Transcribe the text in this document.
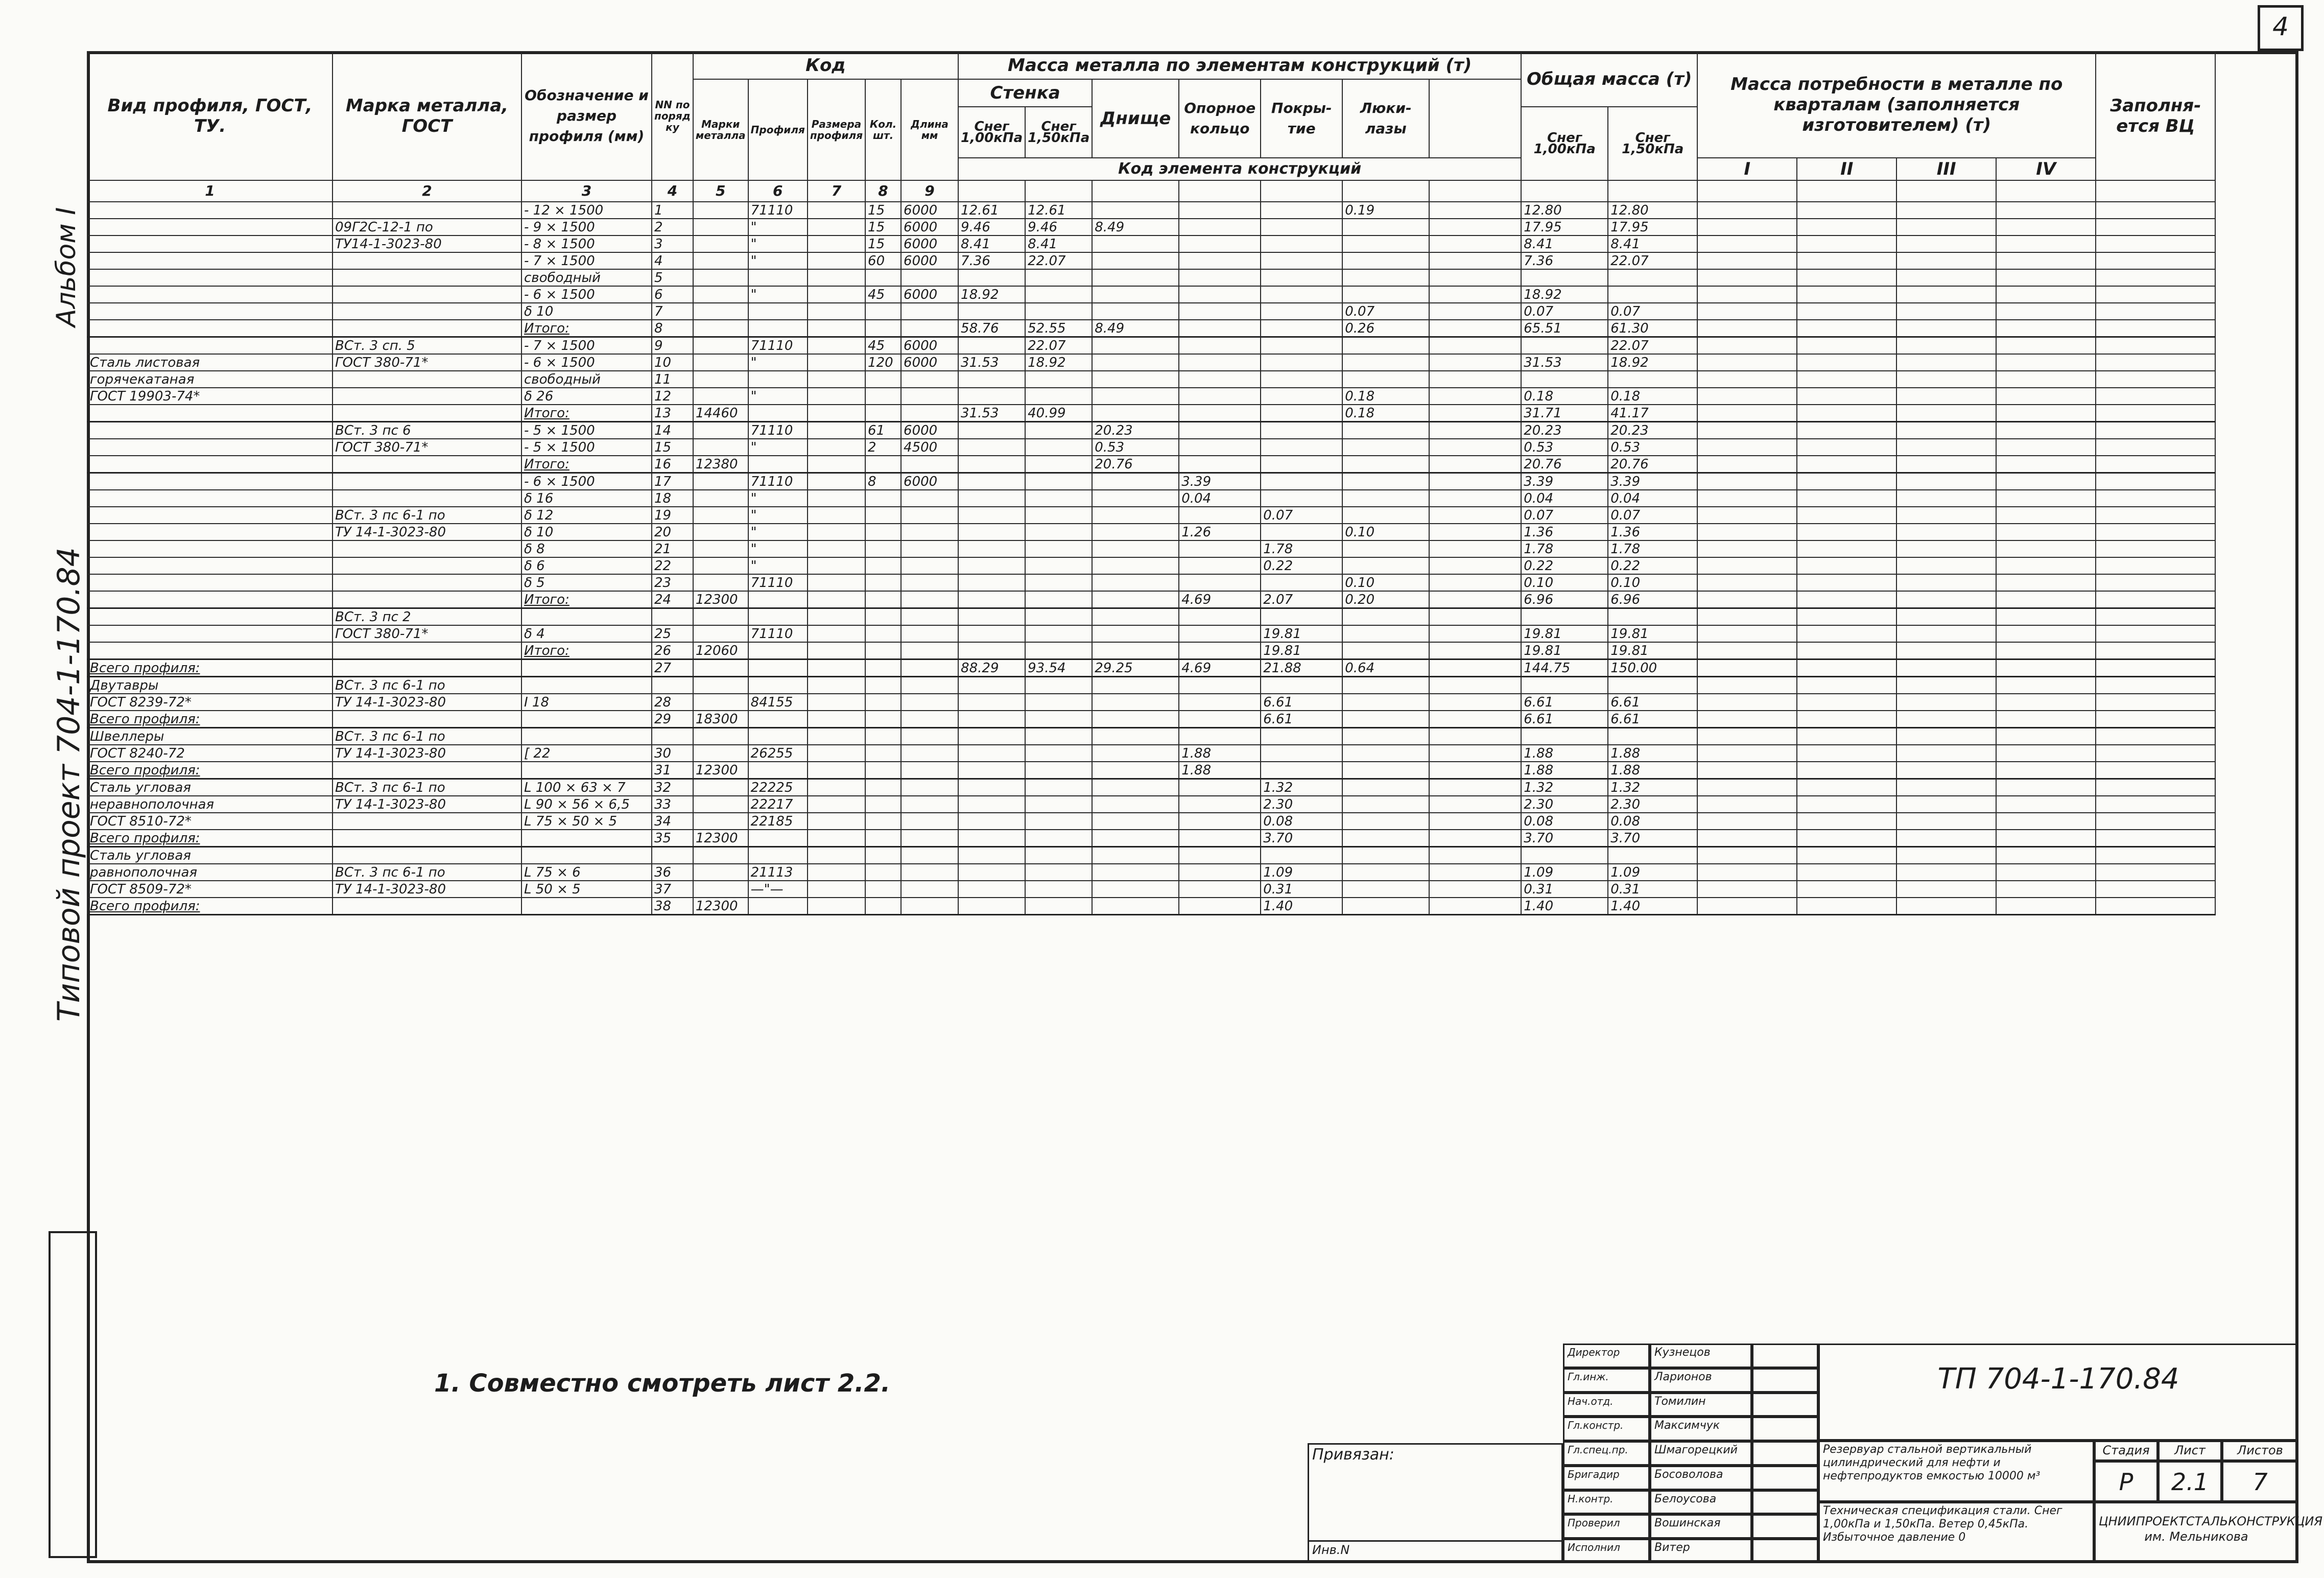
4
Альбом I
Типовой проект 704-1-170.84
Вид профиля, ГОСТ, ТУ.	Марка металла, ГОСТ	Обозначение и размер профиля (мм)	NN по поряд ку	Код					Масса металла по элементам конструкций (т)							Общая масса (т)		Масса потребности в металле по кварталам (заполняется изготовителем) (т)				Заполня- ется ВЦ
				Марки металла	Профиля	Размера профиля	Кол. шт.	Длина мм	Стенка		Днище	Опорное кольцо	Покры- тие	Люки- лазы								
									Снег 1,00кПа	Снег 1,50кПа						Снег 1,00кПа	Снег 1,50кПа					
									Код элемента конструкций									I	II	III	IV	
1	2	3	4	5	6	7	8	9														
		- 12 × 1500	1		71110		15	6000	12.61	12.61				0.19		12.80	12.80					
	09Г2С-12-1 по	- 9 × 1500	2		"		15	6000	9.46	9.46	8.49					17.95	17.95					
	ТУ14-1-3023-80	- 8 × 1500	3		"		15	6000	8.41	8.41						8.41	8.41					
		- 7 × 1500	4		"		60	6000	7.36	22.07						7.36	22.07					
		свободный	5																			
		- 6 × 1500	6		"		45	6000	18.92							18.92						
		δ 10	7											0.07		0.07	0.07					
		Итого:	8						58.76	52.55	8.49			0.26		65.51	61.30					
	ВСт. 3 сп. 5	- 7 × 1500	9		71110		45	6000		22.07							22.07					
Сталь листовая	ГОСТ 380-71*	- 6 × 1500	10		"		120	6000	31.53	18.92						31.53	18.92					
горячекатаная		свободный	11																			
ГОСТ 19903-74*		δ 26	12		"									0.18		0.18	0.18					
		Итого:	13	14460					31.53	40.99				0.18		31.71	41.17					
	ВСт. 3 пс 6	- 5 × 1500	14		71110		61	6000			20.23					20.23	20.23					
	ГОСТ 380-71*	- 5 × 1500	15		"		2	4500			0.53					0.53	0.53					
		Итого:	16	12380							20.76					20.76	20.76					
		- 6 × 1500	17		71110		8	6000				3.39				3.39	3.39					
		δ 16	18		"							0.04				0.04	0.04					
	ВСт. 3 пс 6-1 по	δ 12	19		"								0.07			0.07	0.07					
	ТУ 14-1-3023-80	δ 10	20		"							1.26		0.10		1.36	1.36					
		δ 8	21		"								1.78			1.78	1.78					
		δ 6	22		"								0.22			0.22	0.22					
		δ 5	23		71110									0.10		0.10	0.10					
		Итого:	24	12300								4.69	2.07	0.20		6.96	6.96					
	ВСт. 3 пс 2																					
	ГОСТ 380-71*	δ 4	25		71110								19.81			19.81	19.81					
		Итого:	26	12060									19.81			19.81	19.81					
Всего профиля:			27						88.29	93.54	29.25	4.69	21.88	0.64		144.75	150.00					
Двутавры	ВСт. 3 пс 6-1 по																					
ГОСТ 8239-72*	ТУ 14-1-3023-80	I 18	28		84155								6.61			6.61	6.61					
Всего профиля:			29	18300									6.61			6.61	6.61					
Швеллеры	ВСт. 3 пс 6-1 по																					
ГОСТ 8240-72	ТУ 14-1-3023-80	[ 22	30		26255							1.88				1.88	1.88					
Всего профиля:			31	12300								1.88				1.88	1.88					
Сталь угловая	ВСт. 3 пс 6-1 по	L 100 × 63 × 7	32		22225								1.32			1.32	1.32					
неравнополочная	ТУ 14-1-3023-80	L 90 × 56 × 6,5	33		22217								2.30			2.30	2.30					
ГОСТ 8510-72*		L 75 × 50 × 5	34		22185								0.08			0.08	0.08					
Всего профиля:			35	12300									3.70			3.70	3.70					
Сталь угловая																						
равнополочная	ВСт. 3 пс 6-1 по	L 75 × 6	36		21113								1.09			1.09	1.09					
ГОСТ 8509-72*	ТУ 14-1-3023-80	L 50 × 5	37		—"—								0.31			0.31	0.31					
Всего профиля:			38	12300									1.40			1.40	1.40					
1. Совместно смотреть лист 2.2.
Привязан:
Инв.N
Директор	Кузнецов
Гл.инж.	Ларионов
Нач.отд.	Томилин
Гл.констр.	Максимчук
Гл.спец.пр.	Шмагорецкий
Бригадир	Босоволова
Н.контр.	Белоусова
Проверил	Вошинская
Исполнил	Витер
ТП 704-1-170.84
Резервуар стальной вертикальный цилиндрический для нефти и нефтепродуктов емкостью 10000 м³
Техническая спецификация стали. Снег 1,00кПа и 1,50кПа. Ветер 0,45кПа. Избыточное давление 0
Стадия	Лист	Листов
Р	2.1	7
ЦНИИПРОЕКТСТАЛЬКОНСТРУКЦИЯ им. Мельникова
